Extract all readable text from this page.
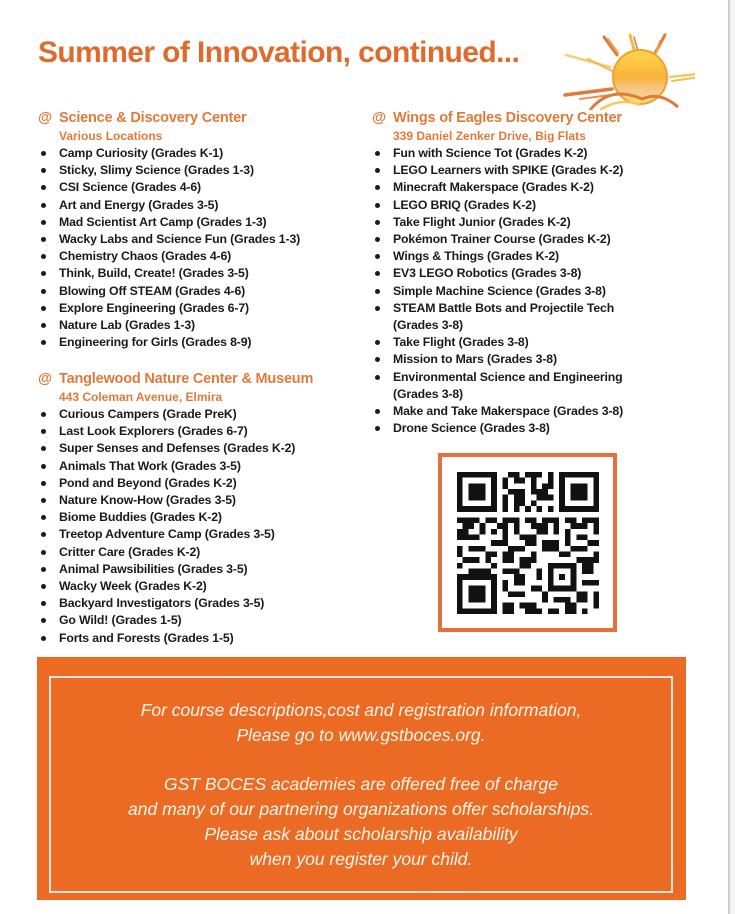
Summer of Innovation, continued...
@ Science & Discovery Center
Various Locations
Camp Curiosity (Grades K-1)
Sticky, Slimy Science (Grades 1-3)
CSI Science (Grades 4-6)
Art and Energy (Grades 3-5)
Mad Scientist Art Camp (Grades 1-3)
Wacky Labs and Science Fun (Grades 1-3)
Chemistry Chaos (Grades 4-6)
Think, Build, Create! (Grades 3-5)
Blowing Off STEAM (Grades 4-6)
Explore Engineering (Grades 6-7)
Nature Lab (Grades 1-3)
Engineering for Girls (Grades 8-9)
@ Tanglewood Nature Center & Museum
443 Coleman Avenue, Elmira
Curious Campers (Grade PreK)
Last Look Explorers (Grades 6-7)
Super Senses and Defenses (Grades K-2)
Animals That Work (Grades 3-5)
Pond and Beyond (Grades K-2)
Nature Know-How (Grades 3-5)
Biome Buddies (Grades K-2)
Treetop Adventure Camp (Grades 3-5)
Critter Care (Grades K-2)
Animal Pawsibilities (Grades 3-5)
Wacky Week (Grades K-2)
Backyard Investigators (Grades 3-5)
Go Wild! (Grades 1-5)
Forts and Forests (Grades 1-5)
@ Wings of Eagles Discovery Center
339 Daniel Zenker Drive, Big Flats
Fun with Science Tot (Grades K-2)
LEGO Learners with SPIKE (Grades K-2)
Minecraft Makerspace (Grades K-2)
LEGO BRIQ (Grades K-2)
Take Flight Junior (Grades K-2)
Pokémon Trainer Course (Grades K-2)
Wings & Things (Grades K-2)
EV3 LEGO Robotics (Grades 3-8)
Simple Machine Science (Grades 3-8)
STEAM Battle Bots and Projectile Tech (Grades 3-8)
Take Flight (Grades 3-8)
Mission to Mars (Grades 3-8)
Environmental Science and Engineering (Grades 3-8)
Make and Take Makerspace (Grades 3-8)
Drone Science (Grades 3-8)
For course descriptions,cost and registration information,
Please go to www.gstboces.org.
GST BOCES academies are offered free of charge
and many of our partnering organizations offer scholarships.
Please ask about scholarship availability
when you register your child.
